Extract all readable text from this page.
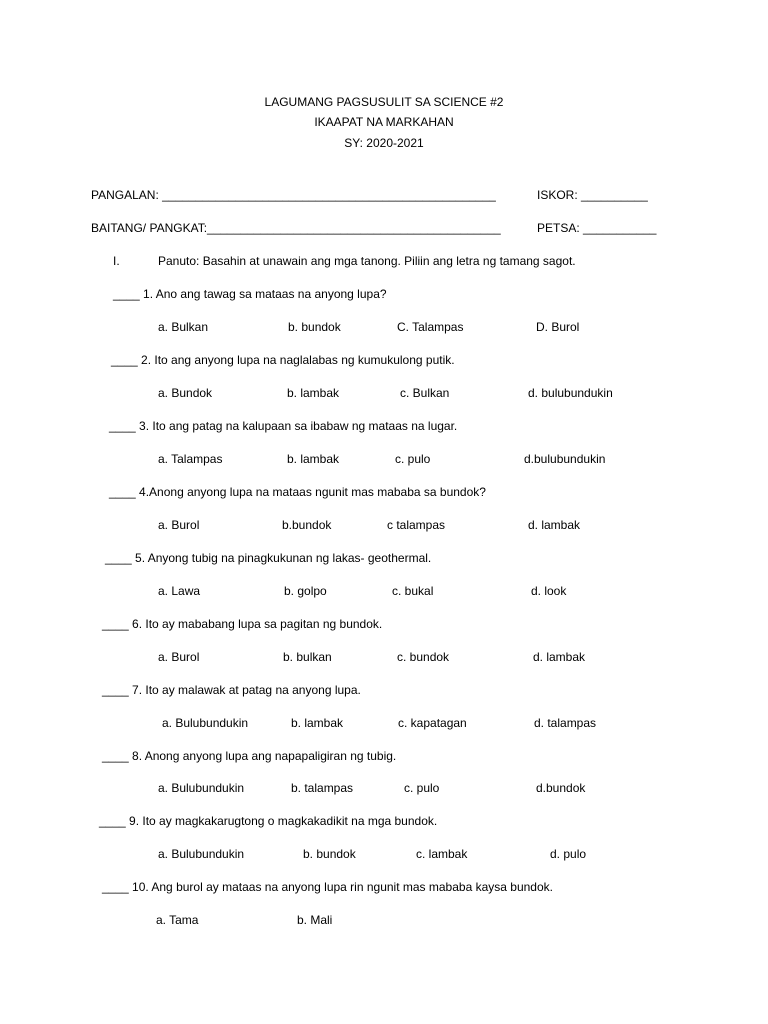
LAGUMANG PAGSUSULIT SA SCIENCE #2
IKAAPAT NA MARKAHAN
SY: 2020-2021
PANGALAN: __________________________________________________	ISKOR: __________
BAITANG/ PANGKAT:____________________________________________	PETSA: ___________
I.	Panuto: Basahin at unawain ang mga tanong. Piliin ang letra ng tamang sagot.
____ 1. Ano ang tawag sa mataas na anyong lupa?
a. Bulkan	b. bundok	C. Talampas	D. Burol
____ 2. Ito ang anyong lupa na naglalabas ng kumukulong putik.
a. Bundok	b. lambak	c. Bulkan	d. bulubundukin
____ 3. Ito ang patag na kalupaan sa ibabaw ng mataas na lugar.
a. Talampas	b. lambak	c. pulo	d.bulubundukin
____ 4.Anong anyong lupa na mataas ngunit mas mababa sa bundok?
a. Burol	b.bundok	c talampas	d. lambak
____ 5. Anyong tubig na pinagkukunan ng lakas- geothermal.
a. Lawa	b. golpo	c. bukal	d. look
____ 6. Ito ay mababang lupa sa pagitan ng bundok.
a. Burol	b. bulkan	c. bundok	d. lambak
____ 7. Ito ay malawak at patag na anyong lupa.
a. Bulubundukin	b. lambak	c. kapatagan	d. talampas
____ 8. Anong anyong lupa ang napapaligiran ng tubig.
a. Bulubundukin	b. talampas	c. pulo	d.bundok
____ 9. Ito ay magkakarugtong o magkakadikit na mga bundok.
a. Bulubundukin	b. bundok	c. lambak	d. pulo
____ 10. Ang burol ay mataas na anyong lupa rin ngunit mas mababa kaysa bundok.
a. Tama	b. Mali
